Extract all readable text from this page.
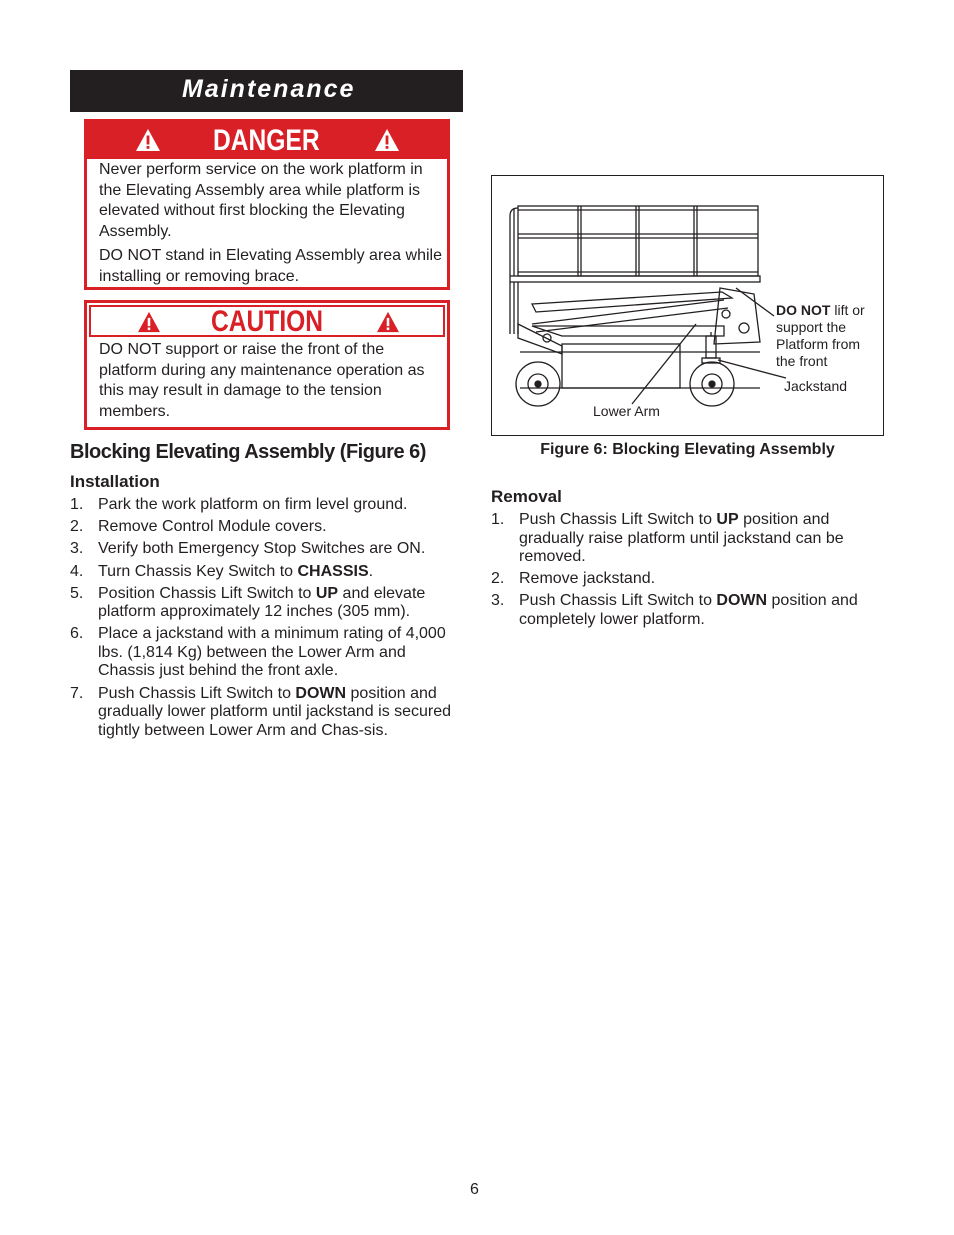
Maintenance
DANGER
Never perform service on the work platform in the Elevating Assembly area while platform is elevated without first blocking the Elevating Assembly.
DO NOT stand in Elevating Assembly area while installing or removing brace.
CAUTION
DO NOT support or raise the front of the platform during any maintenance operation as this may result in damage to the tension members.
Blocking Elevating Assembly (Figure 6)
Installation
1. Park the work platform on firm level ground.
2. Remove Control Module covers.
3. Verify both Emergency Stop Switches are ON.
4. Turn Chassis Key Switch to CHASSIS.
5. Position Chassis Lift Switch to UP and elevate platform approximately 12 inches (305 mm).
6. Place a jackstand with a minimum rating of 4,000 lbs. (1,814 Kg) between the Lower Arm and Chassis just behind the front axle.
7. Push Chassis Lift Switch to DOWN position and gradually lower platform until jackstand is secured tightly between Lower Arm and Chas-sis.
DO NOT lift or
support the
Platform from
the front
Jackstand
Lower Arm
Figure 6: Blocking Elevating Assembly
Removal
1. Push Chassis Lift Switch to UP position and gradually raise platform until jackstand can be removed.
2. Remove jackstand.
3. Push Chassis Lift Switch to DOWN position and completely lower platform.
6
